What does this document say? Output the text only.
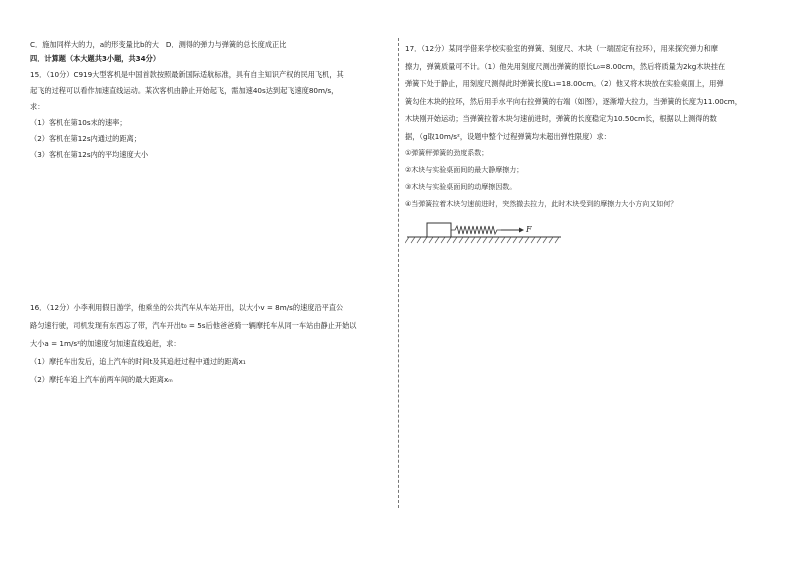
C．施加同样大的力，a的形变量比b的大 D．测得的弹力与弹簧的总长度成正比

四．计算题（本大题共3小题，共34分）

15．（10分）C919大型客机是中国首款按照最新国际适航标准，具有自主知识产权的民用飞机，其

起飞的过程可以看作加速直线运动。某次客机由静止开始起飞，需加速40s达到起飞速度80m/s，

求：

（1）客机在第10s末的速率；

（2）客机在第12s内通过的距离；

（3）客机在第12s内的平均速度大小

16．（12分）小李利用假日游学，他乘坐的公共汽车从车站开出，以大小v = 8m/s的速度沿平直公

路匀速行驶，司机发现有东西忘了带，汽车开出t₀ = 5s后他爸爸骑一辆摩托车从同一车站由静止开始以

大小a = 1m/s²的加速度匀加速直线追赶，求：

（1）摩托车出发后，追上汽车的时间t及其追赶过程中通过的距离x₁

（2）摩托车追上汽车前两车间的最大距离xₘ

17．（12分）某同学借来学校实验室的弹簧、刻度尺、木块（一端固定有拉环），用来探究弹力和摩

擦力，弹簧质量可不计。（1）他先用刻度尺测出弹簧的原长L₀=8.00cm，然后将质量为2kg木块挂在

弹簧下处于静止，用刻度尺测得此时弹簧长度L₁=18.00cm。（2）他又将木块放在实验桌面上，用弹

簧勾住木块的拉环，然后用手水平向右拉弹簧的右端（如图），逐渐增大拉力，当弹簧的长度为11.00cm，

木块刚开始运动；当弹簧拉着木块匀速前进时，弹簧的长度稳定为10.50cm长，根据以上测得的数

据，（g取10m/s²，设题中整个过程弹簧均未超出弹性限度）求：

①弹簧秤弹簧的劲度系数；

②木块与实验桌面间的最大静摩擦力；

③木块与实验桌面间的动摩擦因数。

④当弹簧拉着木块匀速前进时，突然撤去拉力，此时木块受到的摩擦力大小方向又如何？

F
